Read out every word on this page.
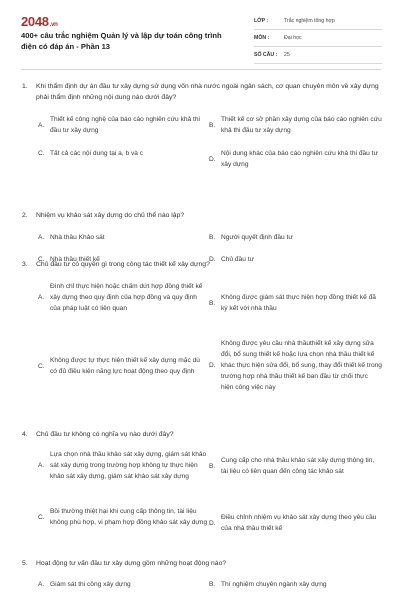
2048.vn
400+ câu trắc nghiệm Quản lý và lập dự toán công trình điện có đáp án - Phần 13
LỚP :	Trắc nghiệm tổng hợp
MÔN :	Đại học
SỐ CÂU :	25
1.	Khi thẩm định dự án đầu tư xây dựng sử dụng vốn nhà nước ngoài ngân sách, cơ quan chuyên môn về xây dựng phải thẩm định những nội dung nào dưới đây?
A.
Thiết kế công nghệ của báo cáo nghiên cứu khả thi đầu tư xây dựng
B.
Thiết kế cơ sở phần xây dựng của báo cáo nghiên cứu khả thi đầu tư xây dựng
C. Tất cả các nội dung tại a, b và c
D.
Nội dung khác của báo cáo nghiên cứu khả thi đầu tư xây dựng
2.	Nhiệm vụ khảo sát xây dựng do chủ thể nào lập?
A. Nhà thầu Khảo sát	B. Người quyết định đầu tư
C. Nhà thầu thiết kế	D. Chủ đầu tư
3.	Chủ đầu tư có quyền gì trong công tác thiết kế xây dựng?
A.
Đình chỉ thực hiện hoặc chấm dứt hợp đồng thiết kế xây dựng theo quy định của hợp đồng và quy định của pháp luật có liên quan
B.
Không được giám sát thực hiện hợp đồng thiết kế đã ký kết với nhà thầu
C.
Không được tự thực hiện thiết kế xây dựng mặc dù có đủ điều kiện năng lực hoạt động theo quy định
D.
Không được yêu cầu nhà thầuthiết kế xây dựng sửa đổi, bổ sung thiết kế hoặc lựa chọn nhà thầu thiết kế khác thực hiện sửa đổi, bổ sung, thay đổi thiết kế trong trường hợp nhà thầu thiết kế ban đầu từ chối thực hiện công việc này
4.	Chủ đầu tư không có nghĩa vụ nào dưới đây?
A.
Lựa chọn nhà thầu khảo sát xây dựng, giám sát khảo sát xây dựng trong trường hợp không tự thực hiện khảo sát xây dựng, giám sát khảo sát xây dựng
B.
Cung cấp cho nhà thầu khảo sát xây dựng thông tin, tài liệu có liên quan đến công tác khảo sát
C.
Bồi thường thiệt hại khi cung cấp thông tin, tài liệu không phù hợp, vi phạm hợp đồng khảo sát xây dựng D.
Điều chỉnh nhiệm vụ khảo sát xây dựng theo yêu cầu của nhà thầu thiết kế
5.	Hoạt động tư vấn đầu tư xây dựng gồm những hoạt động nào?
A. Giám sát thi công xây dựng	B. Thí nghiệm chuyên ngành xây dựng
